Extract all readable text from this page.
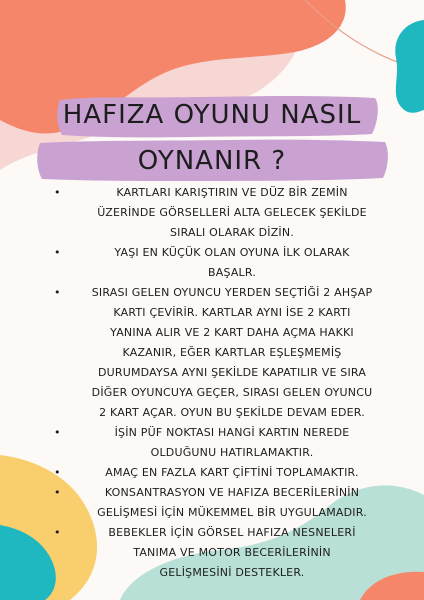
HAFIZA OYUNU NASIL
OYNANIR ?
•	KARTLARI KARIŞTIRIN VE DÜZ BİR ZEMİN
ÜZERİNDE GÖRSELLERİ ALTA GELECEK ŞEKİLDE
SIRALI OLARAK DİZİN.
•	YAŞI EN KÜÇÜK OLAN OYUNA İLK OLARAK
BAŞALR.
•	SIRASI GELEN OYUNCU YERDEN SEÇTİĞİ 2 AHŞAP
KARTI ÇEVİRİR. KARTLAR AYNI İSE 2 KARTI
YANINA ALIR VE 2 KART DAHA AÇMA HAKKI
KAZANIR, EĞER KARTLAR EŞLEŞMEMİŞ
DURUMDAYSA AYNI ŞEKİLDE KAPATILIR VE SIRA
DİĞER OYUNCUYA GEÇER, SIRASI GELEN OYUNCU
2 KART AÇAR. OYUN BU ŞEKİLDE DEVAM EDER.
•	İŞİN PÜF NOKTASI HANGİ KARTIN NEREDE
OLDUĞUNU HATIRLAMAKTIR.
•	AMAÇ EN FAZLA KART ÇİFTİNİ TOPLAMAKTIR.
•	KONSANTRASYON VE HAFIZA BECERİLERİNİN
GELİŞMESİ İÇİN MÜKEMMEL BİR UYGULAMADIR.
•	BEBEKLER İÇİN GÖRSEL HAFIZA NESNELERİ
TANIMA VE MOTOR BECERİLERİNİN
GELİŞMESİNİ DESTEKLER.
